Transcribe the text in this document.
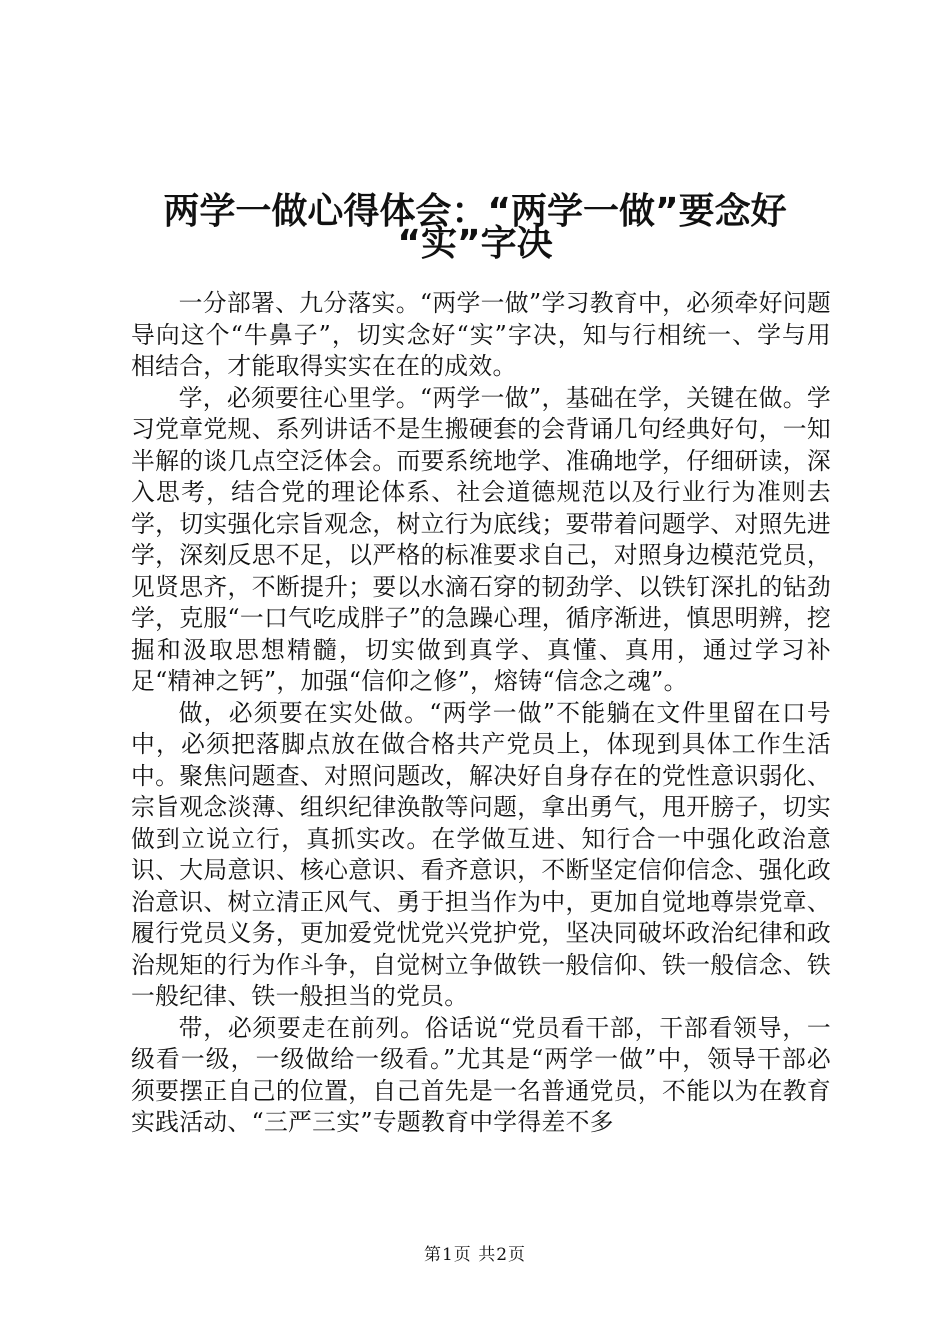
两学一做心得体会：“两学一做”要念好
“实”字决

一分部署、九分落实。“两学一做”学习教育中，必须牵好问题导向这个“牛鼻子”，切实念好“实”字决，知与行相统一、学与用相结合，才能取得实实在在的成效。

学，必须要往心里学。“两学一做”，基础在学，关键在做。学习党章党规、系列讲话不是生搬硬套的会背诵几句经典好句，一知半解的谈几点空泛体会。而要系统地学、准确地学，仔细研读，深入思考，结合党的理论体系、社会道德规范以及行业行为准则去学，切实强化宗旨观念，树立行为底线；要带着问题学、对照先进学，深刻反思不足，以严格的标准要求自己，对照身边模范党员，见贤思齐，不断提升；要以水滴石穿的韧劲学、以铁钉深扎的钻劲学，克服“一口气吃成胖子”的急躁心理，循序渐进，慎思明辨，挖掘和汲取思想精髓，切实做到真学、真懂、真用，通过学习补足“精神之钙”，加强“信仰之修”，熔铸“信念之魂”。

做，必须要在实处做。“两学一做”不能躺在文件里留在口号中，必须把落脚点放在做合格共产党员上，体现到具体工作生活中。聚焦问题查、对照问题改，解决好自身存在的党性意识弱化、宗旨观念淡薄、组织纪律涣散等问题，拿出勇气，甩开膀子，切实做到立说立行，真抓实改。在学做互进、知行合一中强化政治意识、大局意识、核心意识、看齐意识，不断坚定信仰信念、强化政治意识、树立清正风气、勇于担当作为中，更加自觉地尊崇党章、履行党员义务，更加爱党忧党兴党护党，坚决同破坏政治纪律和政治规矩的行为作斗争，自觉树立争做铁一般信仰、铁一般信念、铁一般纪律、铁一般担当的党员。

带，必须要走在前列。俗话说“党员看干部，干部看领导，一级看一级，一级做给一级看。”尤其是“两学一做”中，领导干部必须要摆正自己的位置，自己首先是一名普通党员，不能以为在教育实践活动、“三严三实”专题教育中学得差不多

第1页 共2页
